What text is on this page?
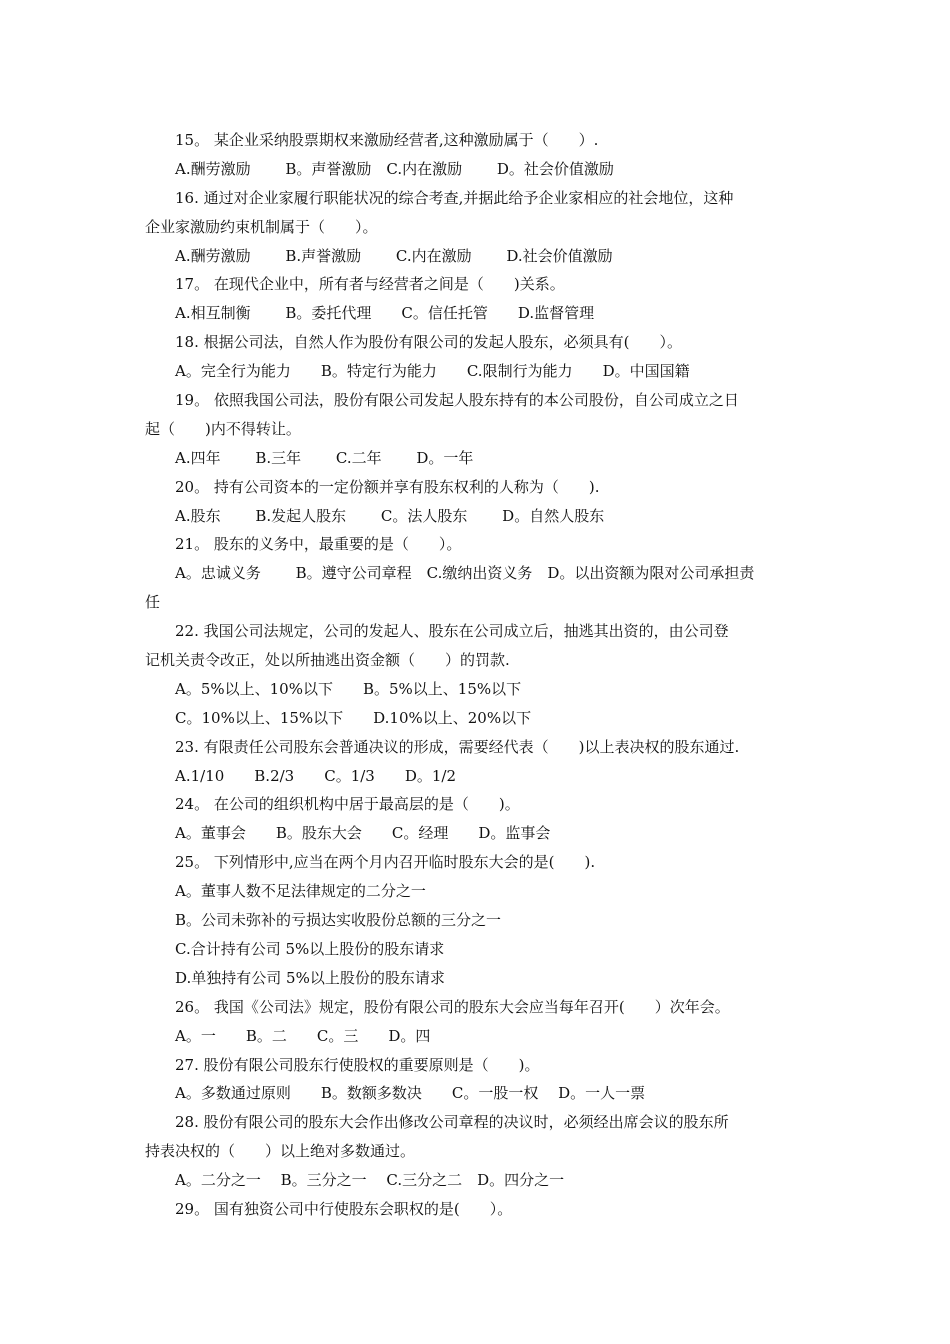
15。 某企业采纳股票期权来激励经营者,这种激励属于（　　）.
A.酬劳激励　　 B。声誉激励　C.内在激励　　 D。社会价值激励
16. 通过对企业家履行职能状况的综合考查,并据此给予企业家相应的社会地位，这种
企业家激励约束机制属于（　　）。
A.酬劳激励　　 B.声誉激励　　 C.内在激励　　 D.社会价值激励
17。 在现代企业中，所有者与经营者之间是（　　)关系。
A.相互制衡　　 B。委托代理　　C。信任托管　　D.监督管理
18. 根据公司法，自然人作为股份有限公司的发起人股东，必须具有(　　）。
A。完全行为能力　　B。特定行为能力　　C.限制行为能力　　D。中国国籍
19。 依照我国公司法，股份有限公司发起人股东持有的本公司股份，自公司成立之日
起（　　)内不得转让。
A.四年　　 B.三年　　 C.二年　　 D。一年
20。 持有公司资本的一定份额并享有股东权利的人称为（　　).
A.股东　　 B.发起人股东　　 C。法人股东　　 D。自然人股东
21。 股东的义务中，最重要的是（　　）。
A。忠诚义务　　 B。遵守公司章程　C.缴纳出资义务　D。以出资额为限对公司承担责
任
22. 我国公司法规定，公司的发起人、股东在公司成立后，抽逃其出资的，由公司登
记机关责令改正，处以所抽逃出资金额（　　）的罚款.
A。5%以上、10%以下　　B。5%以上、15%以下
C。10%以上、15%以下　　D.10%以上、20%以下
23. 有限责任公司股东会普通决议的形成，需要经代表（　　)以上表决权的股东通过.
A.1/10　　B.2/3　　C。1/3　　D。1/2
24。 在公司的组织机构中居于最高层的是（　　)。
A。董事会　　B。股东大会　　C。经理　　D。监事会
25。 下列情形中,应当在两个月内召开临时股东大会的是(　　).
A。董事人数不足法律规定的二分之一
B。公司未弥补的亏损达实收股份总额的三分之一
C.合计持有公司 5%以上股份的股东请求
D.单独持有公司 5%以上股份的股东请求
26。 我国《公司法》规定，股份有限公司的股东大会应当每年召开(　　）次年会。
A。一　　B。二　　C。三　　D。四
27. 股份有限公司股东行使股权的重要原则是（　　)。
A。多数通过原则　　B。数额多数决　　C。一股一权　 D。一人一票
28. 股份有限公司的股东大会作出修改公司章程的决议时，必须经出席会议的股东所
持表决权的（　　）以上绝对多数通过。
A。二分之一　 B。三分之一　 C.三分之二　D。四分之一
29。 国有独资公司中行使股东会职权的是(　　）。
